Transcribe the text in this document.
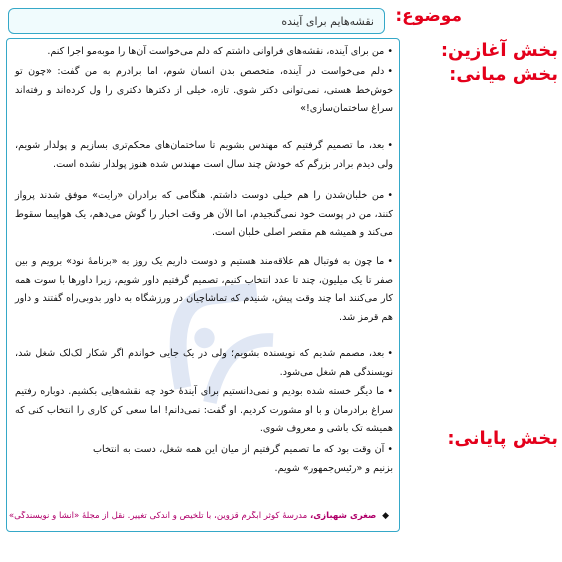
موضوع:
نقشه‌هایم برای آینده
بخش آغازین:
بخش میانی:
بخش پایانی:

•من برای آینده، نقشه‌های فراوانی داشتم که دلم می‌خواست آن‌ها را مو‌به‌مو اجرا کنم.

•دلم می‌خواست در آینده، متخصص بدن انسان شوم، اما برادرم به من گفت: «چون تو خوش‌خط هستی، نمی‌توانی دکتر شوی. تازه، خیلی از دکترها دکتری را ول کرده‌اند و رفته‌اند سراغ ساختمان‌سازی!»

•بعد، ما تصمیم گرفتیم که مهندس بشویم تا ساختمان‌های محکم‌تری بسازیم و پولدار شویم، ولی دیدم برادر بزرگم که خودش چند سال است مهندس شده هنوز پولدار نشده است.

•من خلبان‌شدن را هم خیلی دوست داشتم. هنگامی که برادران «رایت» موفق شدند پرواز کنند، من در پوست خود نمی‌گنجیدم، اما الآن هر وقت اخبار را گوش می‌دهم، یک هواپیما سقوط می‌کند و همیشه هم مقصر اصلی خلبان است.

•ما چون به فوتبال هم علاقه‌مند هستیم و دوست داریم یک روز به «برنامهٔ نود» برویم و بین صفر تا یک میلیون، چند تا عدد انتخاب کنیم، تصمیم گرفتیم داور شویم، زیرا داورها با سوت همه کار می‌کنند اما چند وقت پیش، شنیدم که تماشاچیان در ورزشگاه به داور بدوبی‌راه گفتند و داور هم قرمز شد.

•بعد، مصمم شدیم که نویسنده بشویم؛ ولی در یک جایی خواندم اگر شکار لک‌لک شغل شد، نویسندگی هم شغل می‌شود.

•ما دیگر خسته شده بودیم و نمی‌دانستیم برای آیندهٔ خود چه نقشه‌هایی بکشیم. دوباره رفتیم سراغ برادرمان و با او مشورت کردیم. او گفت: نمی‌دانم! اما سعی کن کاری را انتخاب کنی که همیشه تک باشی و معروف شوی.

•آن وقت بود که ما تصمیم گرفتیم از میان این همه شغل، دست به انتخاب بزنیم و «رئیس‌جمهور» شویم.

◆ صغری شهبازی، مدرسهٔ کوثر آبگرم قزوین، با تلخیص و اندکی تغییر. نقل از مجلهٔ «انشا و نویسندگی»
